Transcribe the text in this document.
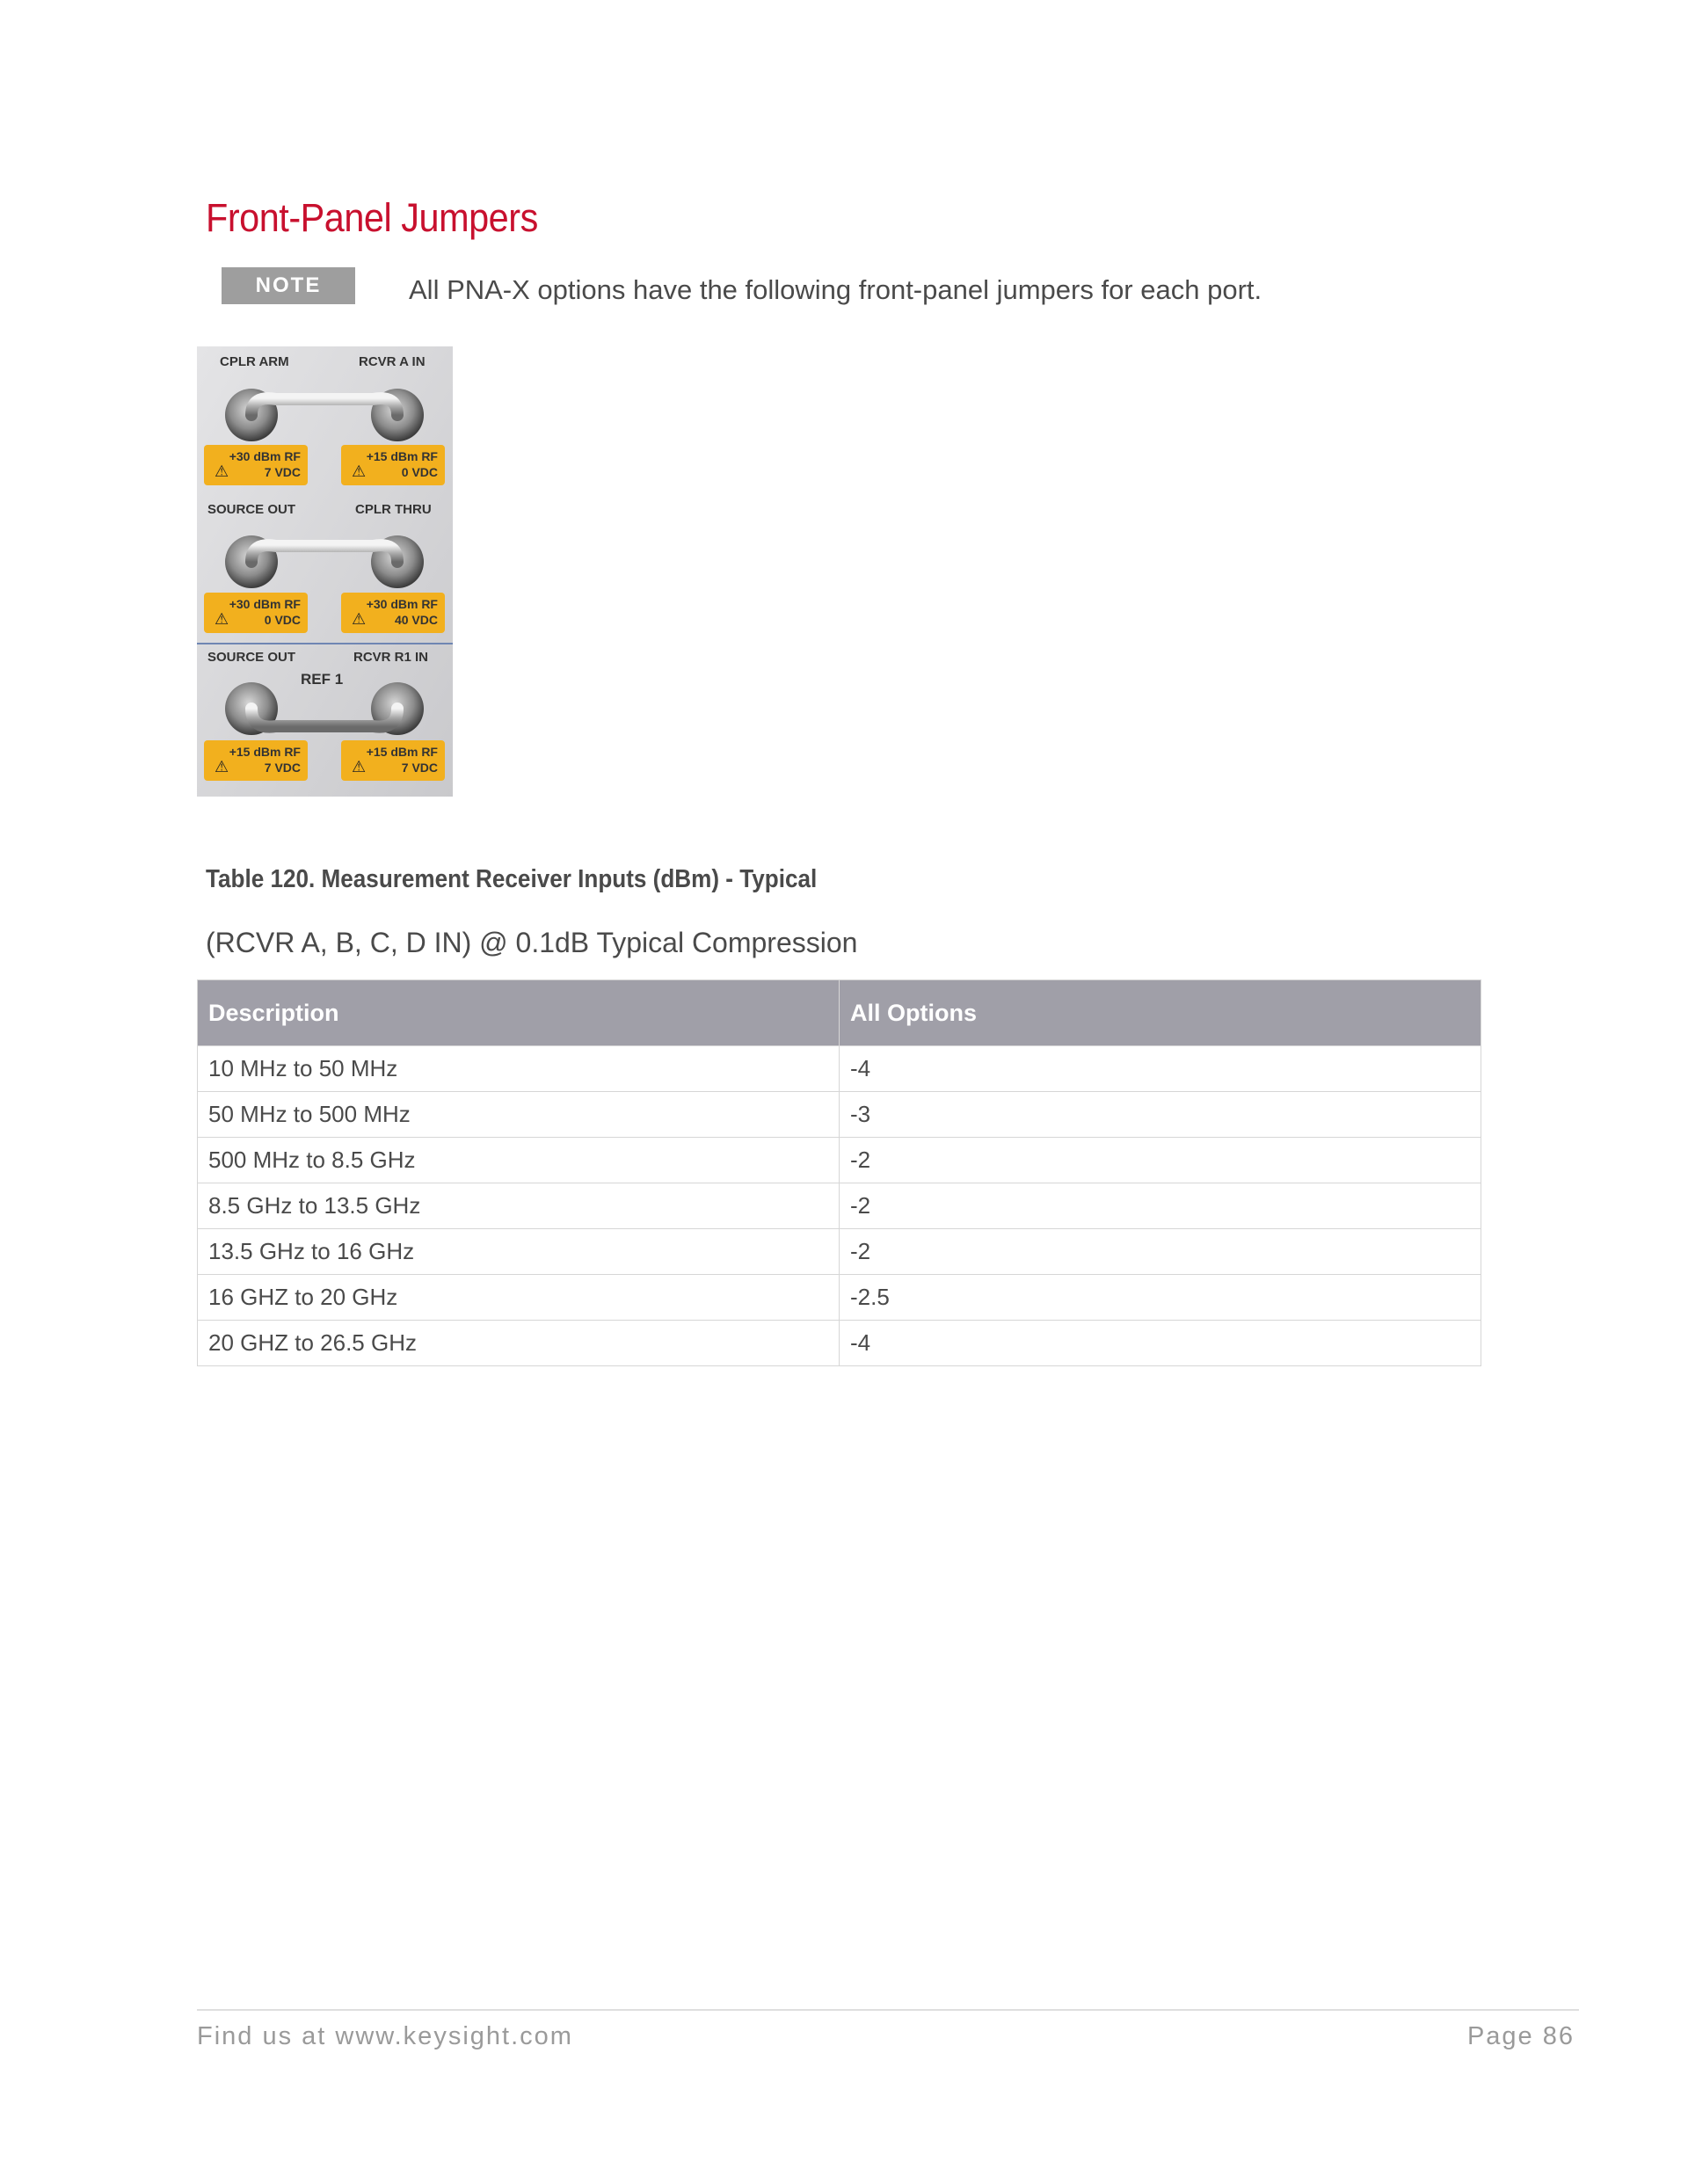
Front-Panel Jumpers
NOTE	All PNA-X options have the following front-panel jumpers for each port.
CPLR ARM	RCVR A IN
⚠
+30 dBm RF
7 VDC	⚠
+15 dBm RF
0 VDC
SOURCE OUT	CPLR THRU
⚠
+30 dBm RF
0 VDC	⚠
+30 dBm RF
40 VDC
SOURCE OUT	RCVR R1 IN
REF 1
⚠
+15 dBm RF
7 VDC	⚠
+15 dBm RF
7 VDC
Table 120. Measurement Receiver Inputs (dBm) - Typical
(RCVR A, B, C, D IN) @ 0.1dB Typical Compression
Description	All Options
10 MHz to 50 MHz	-4
50 MHz to 500 MHz	-3
500 MHz to 8.5 GHz	-2
8.5 GHz to 13.5 GHz	-2
13.5 GHz to 16 GHz	-2
16 GHZ to 20 GHz	-2.5
20 GHZ to 26.5 GHz	-4
Find us at www.keysight.com	Page 86
